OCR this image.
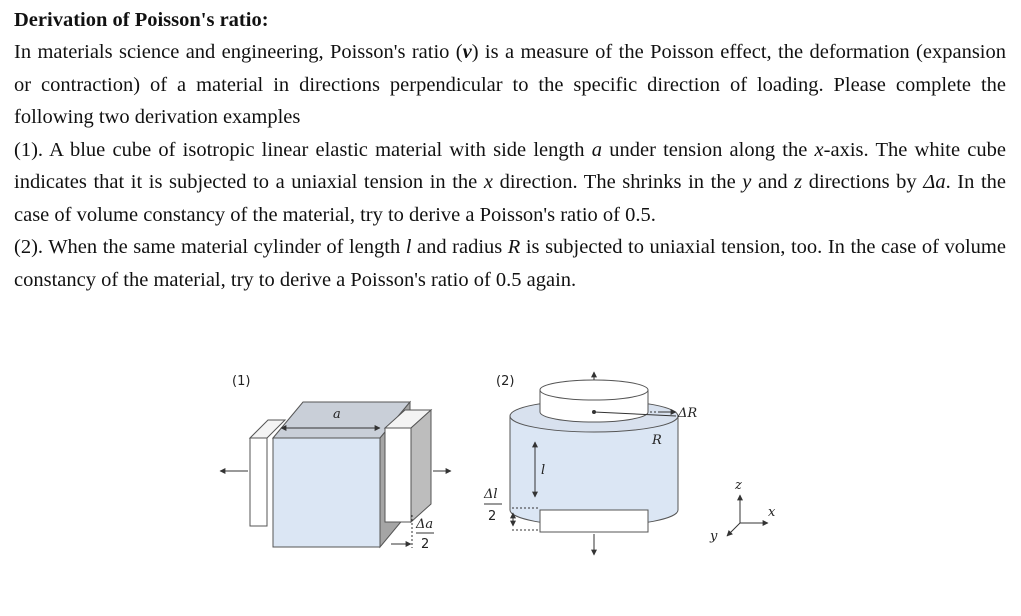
Derivation of Poisson's ratio:

In materials science and engineering, Poisson's ratio (v) is a measure of the Poisson effect, the deformation (expansion or contraction) of a material in directions perpendicular to the specific direction of loading. Please complete the following two derivation examples

(1). A blue cube of isotropic linear elastic material with side length a under tension along the x-axis. The white cube indicates that it is subjected to a uniaxial tension in the x direction. The shrinks in the y and z directions by Δa. In the case of volume constancy of the material, try to derive a Poisson's ratio of 0.5.

(2). When the same material cylinder of length l and radius R is subjected to uniaxial tension, too. In the case of volume constancy of the material, try to derive a Poisson's ratio of 0.5 again.

(1)
a
Δa
2
(2)
R
ΔR
l
Δl
2
z
x
y
